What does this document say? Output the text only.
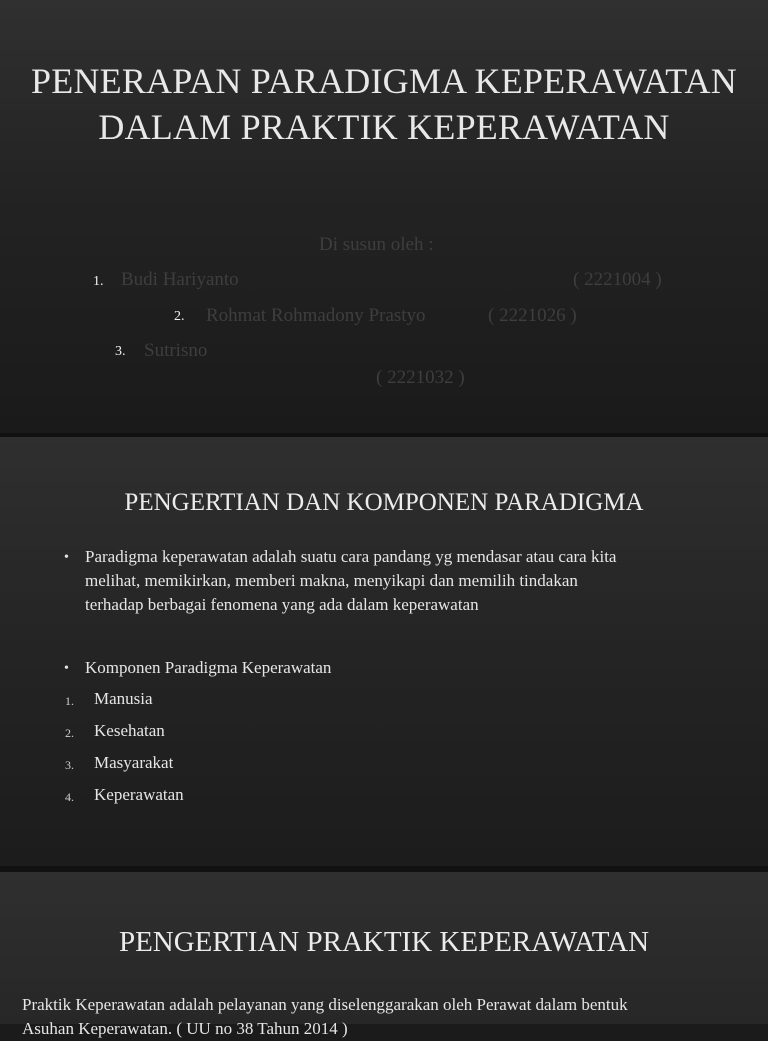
PENERAPAN PARADIGMA KEPERAWATAN
DALAM PRAKTIK KEPERAWATAN
Di susun oleh :
1. Budi Hariyanto	( 2221004 )
2. Rohmat Rohmadony Prastyo	( 2221026 )
3. Sutrisno
( 2221032 )
PENGERTIAN DAN KOMPONEN PARADIGMA
• Paradigma keperawatan adalah suatu cara pandang yg mendasar atau cara kita
melihat, memikirkan, memberi makna, menyikapi dan memilih tindakan
terhadap berbagai fenomena yang ada dalam keperawatan
• Komponen Paradigma Keperawatan
1. Manusia
2. Kesehatan
3. Masyarakat
4. Keperawatan
PENGERTIAN PRAKTIK KEPERAWATAN
Praktik Keperawatan adalah pelayanan yang diselenggarakan oleh Perawat dalam bentuk
Asuhan Keperawatan. ( UU no 38 Tahun 2014 )
